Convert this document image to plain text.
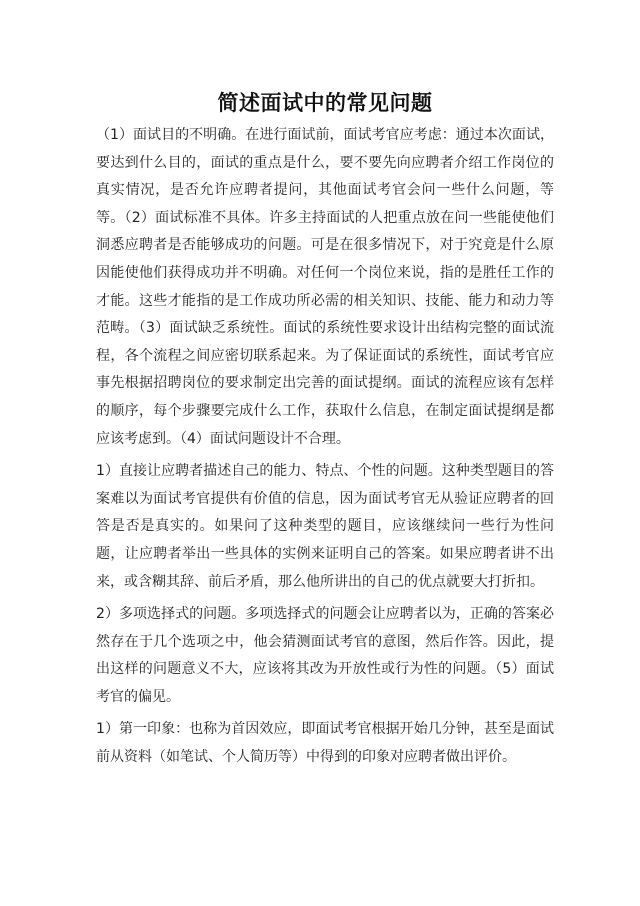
简述面试中的常见问题

（1）面试目的不明确。在进行面试前，面试考官应考虑：通过本次面试，要达到什么目的，面试的重点是什么，要不要先向应聘者介绍工作岗位的真实情况，是否允许应聘者提问，其他面试考官会问一些什么问题，等等。（2）面试标准不具体。许多主持面试的人把重点放在问一些能使他们洞悉应聘者是否能够成功的问题。可是在很多情况下，对于究竟是什么原因能使他们获得成功并不明确。对任何一个岗位来说，指的是胜任工作的才能。这些才能指的是工作成功所必需的相关知识、技能、能力和动力等范畴。（3）面试缺乏系统性。面试的系统性要求设计出结构完整的面试流程，各个流程之间应密切联系起来。为了保证面试的系统性，面试考官应事先根据招聘岗位的要求制定出完善的面试提纲。面试的流程应该有怎样的顺序，每个步骤要完成什么工作，获取什么信息，在制定面试提纲是都应该考虑到。（4）面试问题设计不合理。

1）直接让应聘者描述自己的能力、特点、个性的问题。这种类型题目的答案难以为面试考官提供有价值的信息，因为面试考官无从验证应聘者的回答是否是真实的。如果问了这种类型的题目，应该继续问一些行为性问题，让应聘者举出一些具体的实例来证明自己的答案。如果应聘者讲不出来，或含糊其辞、前后矛盾，那么他所讲出的自己的优点就要大打折扣。

2）多项选择式的问题。多项选择式的问题会让应聘者以为，正确的答案必然存在于几个选项之中，他会猜测面试考官的意图，然后作答。因此，提出这样的问题意义不大，应该将其改为开放性或行为性的问题。（5）面试考官的偏见。

1）第一印象：也称为首因效应，即面试考官根据开始几分钟，甚至是面试前从资料（如笔试、个人简历等）中得到的印象对应聘者做出评价。
